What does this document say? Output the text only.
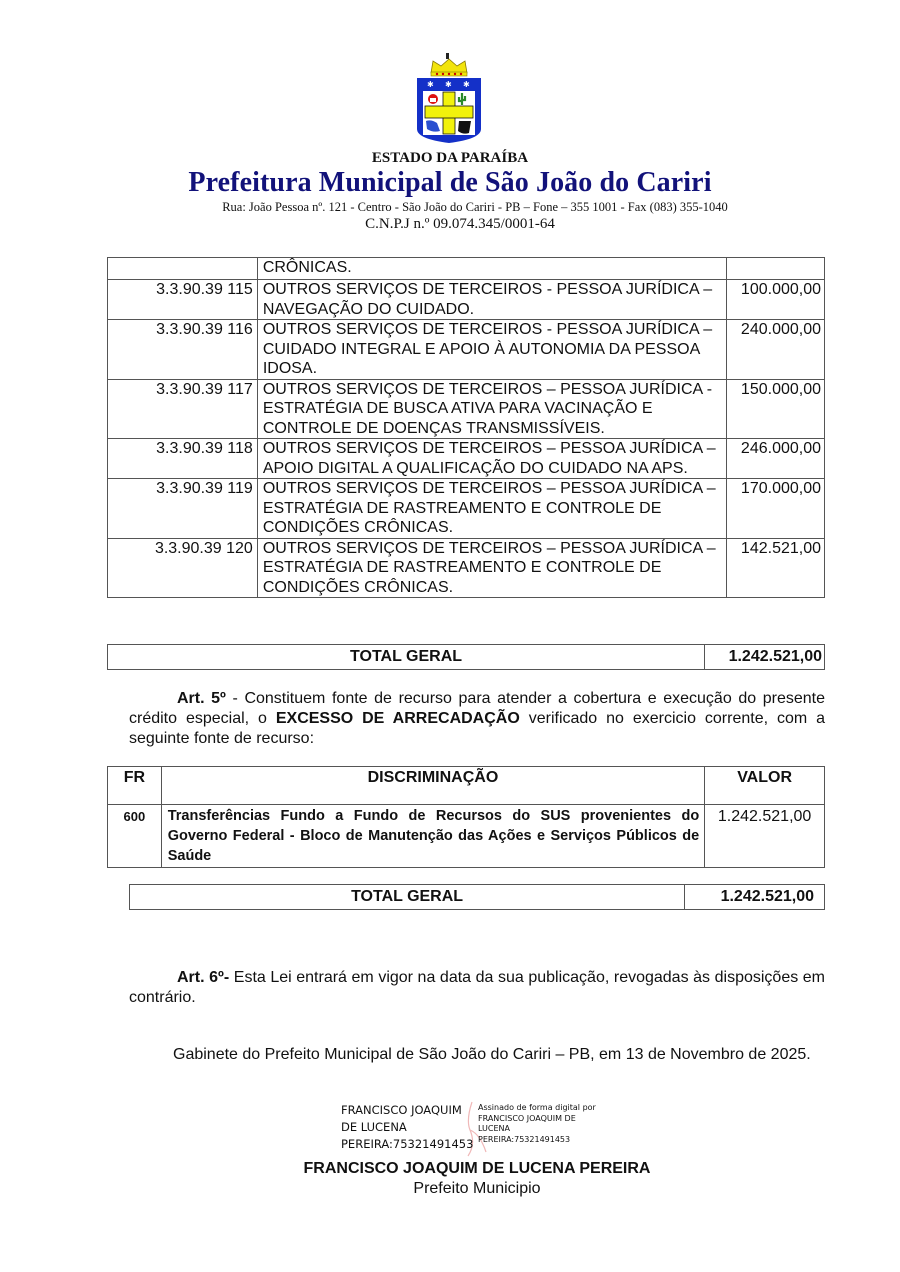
✱ ✱ ✱
ESTADO DA PARAÍBA
Prefeitura Municipal de São João do Cariri
Rua: João Pessoa nº. 121 - Centro - São João do Cariri - PB – Fone – 355 1001 - Fax (083) 355-1040
C.N.P.J n.º 09.074.345/0001-64
	CRÔNICAS.	
3.3.90.39 115	OUTROS SERVIÇOS DE TERCEIROS - PESSOA JURÍDICA – NAVEGAÇÃO DO CUIDADO.	100.000,00
3.3.90.39 116	OUTROS SERVIÇOS DE TERCEIROS - PESSOA JURÍDICA – CUIDADO INTEGRAL E APOIO À AUTONOMIA DA PESSOA IDOSA.	240.000,00
3.3.90.39 117	OUTROS SERVIÇOS DE TERCEIROS – PESSOA JURÍDICA - ESTRATÉGIA DE BUSCA ATIVA PARA VACINAÇÃO E CONTROLE DE DOENÇAS TRANSMISSÍVEIS.	150.000,00
3.3.90.39 118	OUTROS SERVIÇOS DE TERCEIROS – PESSOA JURÍDICA – APOIO DIGITAL A QUALIFICAÇÃO DO CUIDADO NA APS.	246.000,00
3.3.90.39 119	OUTROS SERVIÇOS DE TERCEIROS – PESSOA JURÍDICA – ESTRATÉGIA DE RASTREAMENTO E CONTROLE DE CONDIÇÕES CRÔNICAS.	170.000,00
3.3.90.39 120	OUTROS SERVIÇOS DE TERCEIROS – PESSOA JURÍDICA – ESTRATÉGIA DE RASTREAMENTO E CONTROLE DE CONDIÇÕES CRÔNICAS.	142.521,00
TOTAL GERAL	1.242.521,00
Art. 5º - Constituem fonte de recurso para atender a cobertura e execução do presente crédito especial, o EXCESSO DE ARRECADAÇÃO verificado no exercicio corrente, com a seguinte fonte de recurso:
FR	DISCRIMINAÇÃO	VALOR
600	Transferências Fundo a Fundo de Recursos do SUS provenientes do Governo Federal - Bloco de Manutenção das Ações e Serviços Públicos de Saúde	1.242.521,00
TOTAL GERAL	1.242.521,00
Art. 6º- Esta Lei entrará em vigor na data da sua publicação, revogadas às disposições em contrário.
Gabinete do Prefeito Municipal de São João do Cariri – PB, em 13 de Novembro de 2025.
FRANCISCO JOAQUIM
DE LUCENA
PEREIRA:75321491453
Assinado de forma digital por
FRANCISCO JOAQUIM DE
LUCENA
PEREIRA:75321491453
FRANCISCO JOAQUIM DE LUCENA PEREIRA
Prefeito Municipio
